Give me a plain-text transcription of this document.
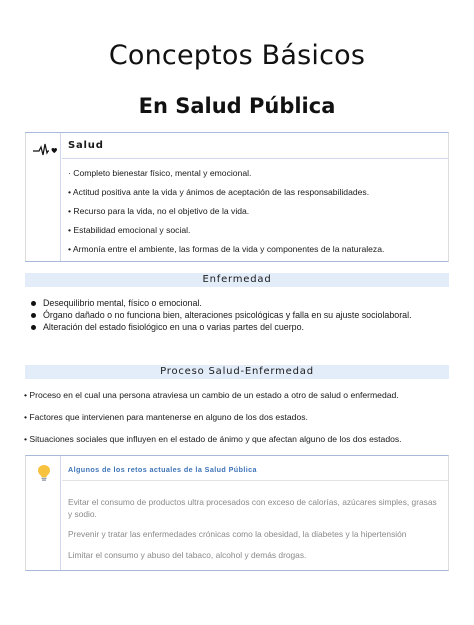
Conceptos Básicos
En Salud Pública
Salud
· Completo bienestar físico, mental y emocional.
• Actitud positiva ante la vida y ánimos de aceptación de las responsabilidades.
• Recurso para la vida, no el objetivo de la vida.
• Estabilidad emocional y social.
• Armonía entre el ambiente, las formas de la vida y componentes de la naturaleza.
Enfermedad
Desequilibrio mental, físico o emocional.
Órgano dañado o no funciona bien, alteraciones psicológicas y falla en su ajuste sociolaboral.
Alteración del estado fisiológico en una o varias partes del cuerpo.
Proceso Salud-Enfermedad
• Proceso en el cual una persona atraviesa un cambio de un estado a otro de salud o enfermedad.
• Factores que intervienen para mantenerse en alguno de los dos estados.
• Situaciones sociales que influyen en el estado de ánimo y que afectan alguno de los dos estados.
Algunos de los retos actuales de la Salud Pública

Evitar el consumo de productos ultra procesados con exceso de calorías, azúcares simples, grasas y sodio.

Prevenir y tratar las enfermedades crónicas como la obesidad, la diabetes y la hipertensión

Limitar el consumo y abuso del tabaco, alcohol y demás drogas.
